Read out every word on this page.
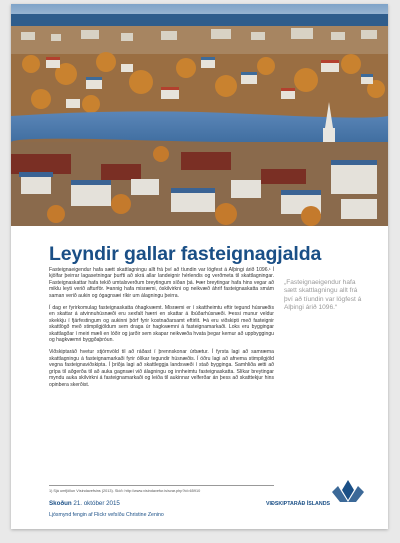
Leyndir gallar fasteignagjalda

Fasteignaeigendur hafa sætt skattlagningu allt frá því að tíundin var lögfest á Alþingi árið 1096.¹ Í kjölfar þeirrar lagasetningar þurfti að skrá allar landeignir hérlendis og verðmeta til skattlagningar. Fasteignaskattar hafa tekið umtalsverðum breytingum síðan þá. Þær breytingar hafa hins vegar að miklu leyti verið afturför. Þannig hafa misræmi, óskilvirkni og neikvæð áhrif fasteignaskatta smám saman verið aukin og ógagnsæi ríkir um álagningu þeirra.

Í dag er fyrirkomulag fasteignaskatta óhagkvæmt. Misræmi er í skattheimtu eftir tegund húsnæðis en skattar á atvinnuhúsnæði eru sexfalt hærri en skattar á íbúðarhúsnæði. Þessi munur veldur skekkju í fjárfestingum og aukinni þörf fyrir kostnaðarsamt eftirlit. Þá eru viðskipti með fasteignir skattlögð með stimpilgjöldum sem draga úr hagkvæmni á fasteignamarkaði. Loks eru byggingar skattlagðar í meiri mæli en lóðir og jarðir sem skapar neikvæða hvata þegar kemur að uppbyggingu og hagkvæmri byggðaþróun.

Viðskiptaráð hvetur stjórnvöld til að ráðast í þrennskonar úrbætur. Í fyrsta lagi að samræma skattlagningu á fasteignamarkaði fyrir ólíkar tegundir húsnæðis. Í öðru lagi að afnema stimpilgjöld vegna fasteignaviðskipta. Í þriðja lagi að skattleggja landsvæði í stað bygginga. Samhliða ætti að grípa til aðgerða til að auka gagnsæi við álagningu og innheimtu fasteignaskatta. Slíkar breytingar myndu auka skilvirkni á fasteignamarkaði og leiða til aukinnar velferðar án þess að skatttekjur hins opinbera skerðist.

„Fasteignaeigendur hafa sætt skattlagningu allt frá því að tíundin var lögfest á Alþingi árið 1096.“
1) Sjá umfjöllun Vísindavefsins (2013). Slóð: http://www.visindavefur.is/svar.php?id=65910
Skoðun 21. október 2015
Ljósmynd fengin af Flickr vefsíðu Christine Zenino
VIÐSKIPTARÁÐ ÍSLANDS
